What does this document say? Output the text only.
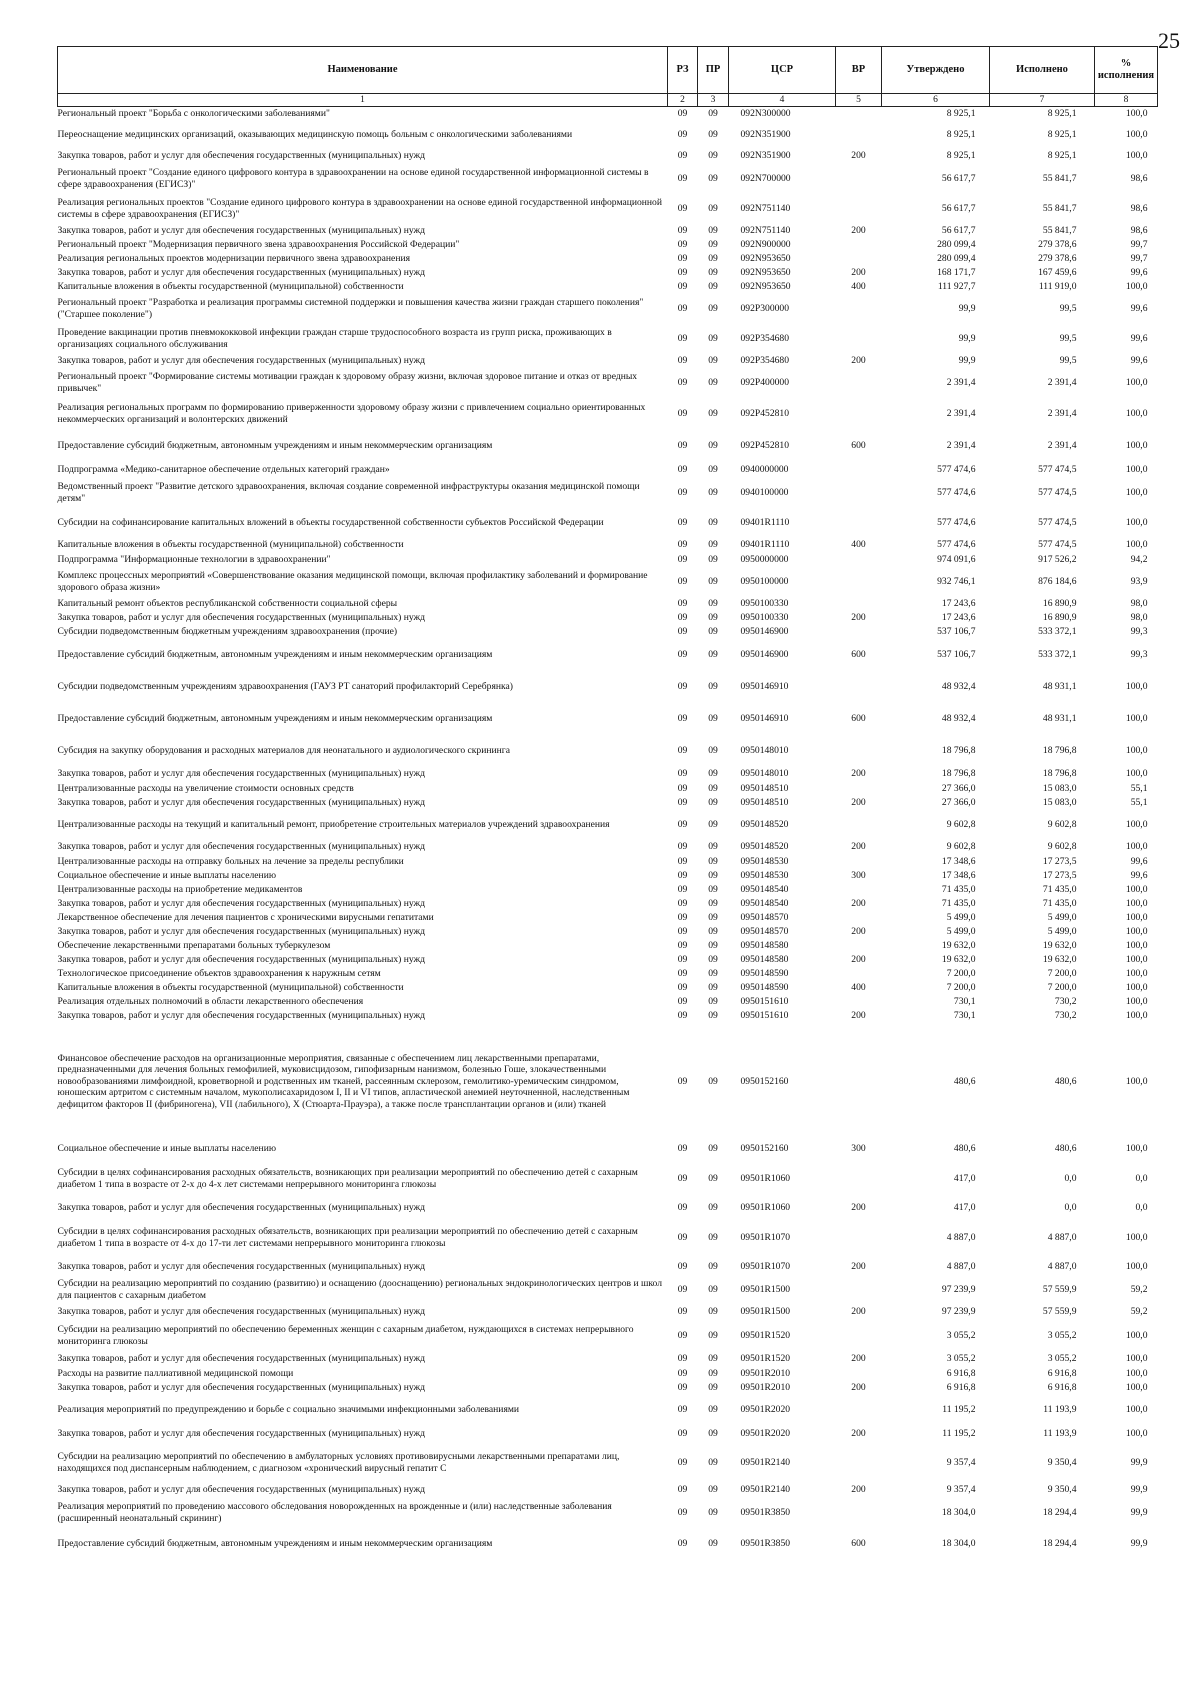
25
Наименование	РЗ	ПР	ЦСР	ВР	Утверждено	Исполнено	% исполнения
1	2	3	4	5	6	7	8
Региональный проект "Борьба с онкологическими заболеваниями"	09	09	092N300000		8 925,1	8 925,1	100,0
Переоснащение медицинских организаций, оказывающих медицинскую помощь больным с онкологическими заболеваниями	09	09	092N351900		8 925,1	8 925,1	100,0
Закупка товаров, работ и услуг для обеспечения государственных (муниципальных) нужд	09	09	092N351900	200	8 925,1	8 925,1	100,0
Региональный проект "Создание единого цифрового контура в здравоохранении на основе единой государственной информационной системы в сфере здравоохранения (ЕГИСЗ)"	09	09	092N700000		56 617,7	55 841,7	98,6
Реализация региональных проектов "Создание единого цифрового контура в здравоохранении на основе единой государственной информационной системы в сфере здравоохранения (ЕГИСЗ)"	09	09	092N751140		56 617,7	55 841,7	98,6
Закупка товаров, работ и услуг для обеспечения государственных (муниципальных) нужд	09	09	092N751140	200	56 617,7	55 841,7	98,6
Региональный проект "Модернизация первичного звена здравоохранения Российской Федерации"	09	09	092N900000		280 099,4	279 378,6	99,7
Реализация региональных проектов модернизации первичного звена здравоохранения	09	09	092N953650		280 099,4	279 378,6	99,7
Закупка товаров, работ и услуг для обеспечения государственных (муниципальных) нужд	09	09	092N953650	200	168 171,7	167 459,6	99,6
Капитальные вложения в объекты государственной (муниципальной) собственности	09	09	092N953650	400	111 927,7	111 919,0	100,0
Региональный проект "Разработка и реализация программы системной поддержки и повышения качества жизни граждан старшего поколения" ("Старшее поколение")	09	09	092P300000		99,9	99,5	99,6
Проведение вакцинации против пневмококковой инфекции граждан старше трудоспособного возраста из групп риска, проживающих в организациях социального обслуживания	09	09	092P354680		99,9	99,5	99,6
Закупка товаров, работ и услуг для обеспечения государственных (муниципальных) нужд	09	09	092P354680	200	99,9	99,5	99,6
Региональный проект "Формирование системы мотивации граждан к здоровому образу жизни, включая здоровое питание и отказ от вредных привычек"	09	09	092P400000		2 391,4	2 391,4	100,0
Реализация региональных программ по формированию приверженности здоровому образу жизни с привлечением социально ориентированных некоммерческих организаций и волонтерских движений	09	09	092P452810		2 391,4	2 391,4	100,0
Предоставление субсидий бюджетным, автономным учреждениям и иным некоммерческим организациям	09	09	092P452810	600	2 391,4	2 391,4	100,0
Подпрограмма «Медико-санитарное обеспечение отдельных категорий граждан»	09	09	0940000000		577 474,6	577 474,5	100,0
Ведомственный проект "Развитие детского здравоохранения, включая создание современной инфраструктуры оказания медицинской помощи детям"	09	09	0940100000		577 474,6	577 474,5	100,0
Субсидии на софинансирование капитальных вложений в объекты государственной собственности субъектов Российской Федерации	09	09	09401R1110		577 474,6	577 474,5	100,0
Капитальные вложения в объекты государственной (муниципальной) собственности	09	09	09401R1110	400	577 474,6	577 474,5	100,0
Подпрограмма "Информационные технологии в здравоохранении"	09	09	0950000000		974 091,6	917 526,2	94,2
Комплекс процессных мероприятий «Совершенствование оказания медицинской помощи, включая профилактику заболеваний и формирование здорового образа жизни»	09	09	0950100000		932 746,1	876 184,6	93,9
Капитальный ремонт объектов республиканской собственности социальной сферы	09	09	0950100330		17 243,6	16 890,9	98,0
Закупка товаров, работ и услуг для обеспечения государственных (муниципальных) нужд	09	09	0950100330	200	17 243,6	16 890,9	98,0
Субсидии подведомственным бюджетным учреждениям здравоохранения (прочие)	09	09	0950146900		537 106,7	533 372,1	99,3
Предоставление субсидий бюджетным, автономным учреждениям и иным некоммерческим организациям	09	09	0950146900	600	537 106,7	533 372,1	99,3
Субсидии подведомственным учреждениям здравоохранения (ГАУЗ РТ санаторий профилакторий Серебрянка)	09	09	0950146910		48 932,4	48 931,1	100,0
Предоставление субсидий бюджетным, автономным учреждениям и иным некоммерческим организациям	09	09	0950146910	600	48 932,4	48 931,1	100,0
Субсидия на закупку оборудования и расходных материалов для неонатального и аудиологического скрининга	09	09	0950148010		18 796,8	18 796,8	100,0
Закупка товаров, работ и услуг для обеспечения государственных (муниципальных) нужд	09	09	0950148010	200	18 796,8	18 796,8	100,0
Централизованные расходы на увеличение стоимости основных средств	09	09	0950148510		27 366,0	15 083,0	55,1
Закупка товаров, работ и услуг для обеспечения государственных (муниципальных) нужд	09	09	0950148510	200	27 366,0	15 083,0	55,1
Централизованные расходы на текущий и капитальный ремонт, приобретение строительных материалов учреждений здравоохранения	09	09	0950148520		9 602,8	9 602,8	100,0
Закупка товаров, работ и услуг для обеспечения государственных (муниципальных) нужд	09	09	0950148520	200	9 602,8	9 602,8	100,0
Централизованные расходы на отправку больных на лечение за пределы республики	09	09	0950148530		17 348,6	17 273,5	99,6
Социальное обеспечение и иные выплаты населению	09	09	0950148530	300	17 348,6	17 273,5	99,6
Централизованные расходы на приобретение медикаментов	09	09	0950148540		71 435,0	71 435,0	100,0
Закупка товаров, работ и услуг для обеспечения государственных (муниципальных) нужд	09	09	0950148540	200	71 435,0	71 435,0	100,0
Лекарственное обеспечение для лечения пациентов с хроническими вирусными гепатитами	09	09	0950148570		5 499,0	5 499,0	100,0
Закупка товаров, работ и услуг для обеспечения государственных (муниципальных) нужд	09	09	0950148570	200	5 499,0	5 499,0	100,0
Обеспечение лекарственными препаратами больных туберкулезом	09	09	0950148580		19 632,0	19 632,0	100,0
Закупка товаров, работ и услуг для обеспечения государственных (муниципальных) нужд	09	09	0950148580	200	19 632,0	19 632,0	100,0
Технологическое присоединение объектов здравоохранения к наружным сетям	09	09	0950148590		7 200,0	7 200,0	100,0
Капитальные вложения в объекты государственной (муниципальной) собственности	09	09	0950148590	400	7 200,0	7 200,0	100,0
Реализация отдельных полномочий в области лекарственного обеспечения	09	09	0950151610		730,1	730,2	100,0
Закупка товаров, работ и услуг для обеспечения государственных (муниципальных) нужд	09	09	0950151610	200	730,1	730,2	100,0
Финансовое обеспечение расходов на организационные мероприятия, связанные с обеспечением лиц лекарственными препаратами, предназначенными для лечения больных гемофилией, муковисцидозом, гипофизарным нанизмом, болезнью Гоше, злокачественными новообразованиями лимфоидной, кроветворной и родственных им тканей, рассеянным склерозом, гемолитико-уремическим синдромом, юношеским артритом с системным началом, мукополисахаридозом I, II и VI типов, апластической анемией неуточненной, наследственным дефицитом факторов II (фибриногена), VII (лабильного), X (Стюарта-Прауэра), а также после трансплантации органов и (или) тканей	09	09	0950152160		480,6	480,6	100,0
Социальное обеспечение и иные выплаты населению	09	09	0950152160	300	480,6	480,6	100,0
Субсидии в целях софинансирования расходных обязательств, возникающих при реализации мероприятий по обеспечению детей с сахарным диабетом 1 типа в возрасте от 2-х до 4-х лет системами непрерывного мониторинга глюкозы	09	09	09501R1060		417,0	0,0	0,0
Закупка товаров, работ и услуг для обеспечения государственных (муниципальных) нужд	09	09	09501R1060	200	417,0	0,0	0,0
Субсидии в целях софинансирования расходных обязательств, возникающих при реализации мероприятий по обеспечению детей с сахарным диабетом 1 типа в возрасте от 4-х до 17-ти лет системами непрерывного мониторинга глюкозы	09	09	09501R1070		4 887,0	4 887,0	100,0
Закупка товаров, работ и услуг для обеспечения государственных (муниципальных) нужд	09	09	09501R1070	200	4 887,0	4 887,0	100,0
Субсидии на реализацию мероприятий по созданию (развитию) и оснащению (дооснащению) региональных эндокринологических центров и школ для пациентов с сахарным диабетом	09	09	09501R1500		97 239,9	57 559,9	59,2
Закупка товаров, работ и услуг для обеспечения государственных (муниципальных) нужд	09	09	09501R1500	200	97 239,9	57 559,9	59,2
Субсидии на реализацию мероприятий по обеспечению беременных женщин с сахарным диабетом, нуждающихся в системах непрерывного мониторинга глюкозы	09	09	09501R1520		3 055,2	3 055,2	100,0
Закупка товаров, работ и услуг для обеспечения государственных (муниципальных) нужд	09	09	09501R1520	200	3 055,2	3 055,2	100,0
Расходы на развитие паллиативной медицинской помощи	09	09	09501R2010		6 916,8	6 916,8	100,0
Закупка товаров, работ и услуг для обеспечения государственных (муниципальных) нужд	09	09	09501R2010	200	6 916,8	6 916,8	100,0
Реализация мероприятий по предупреждению и борьбе с социально значимыми инфекционными заболеваниями	09	09	09501R2020		11 195,2	11 193,9	100,0
Закупка товаров, работ и услуг для обеспечения государственных (муниципальных) нужд	09	09	09501R2020	200	11 195,2	11 193,9	100,0
Субсидии на реализацию мероприятий по обеспечению в амбулаторных условиях противовирусными лекарственными препаратами лиц, находящихся под диспансерным наблюдением, с диагнозом «хронический вирусный гепатит С	09	09	09501R2140		9 357,4	9 350,4	99,9
Закупка товаров, работ и услуг для обеспечения государственных (муниципальных) нужд	09	09	09501R2140	200	9 357,4	9 350,4	99,9
Реализация мероприятий по проведению массового обследования новорожденных на врожденные и (или) наследственные заболевания (расширенный неонатальный скрининг)	09	09	09501R3850		18 304,0	18 294,4	99,9
Предоставление субсидий бюджетным, автономным учреждениям и иным некоммерческим организациям	09	09	09501R3850	600	18 304,0	18 294,4	99,9
